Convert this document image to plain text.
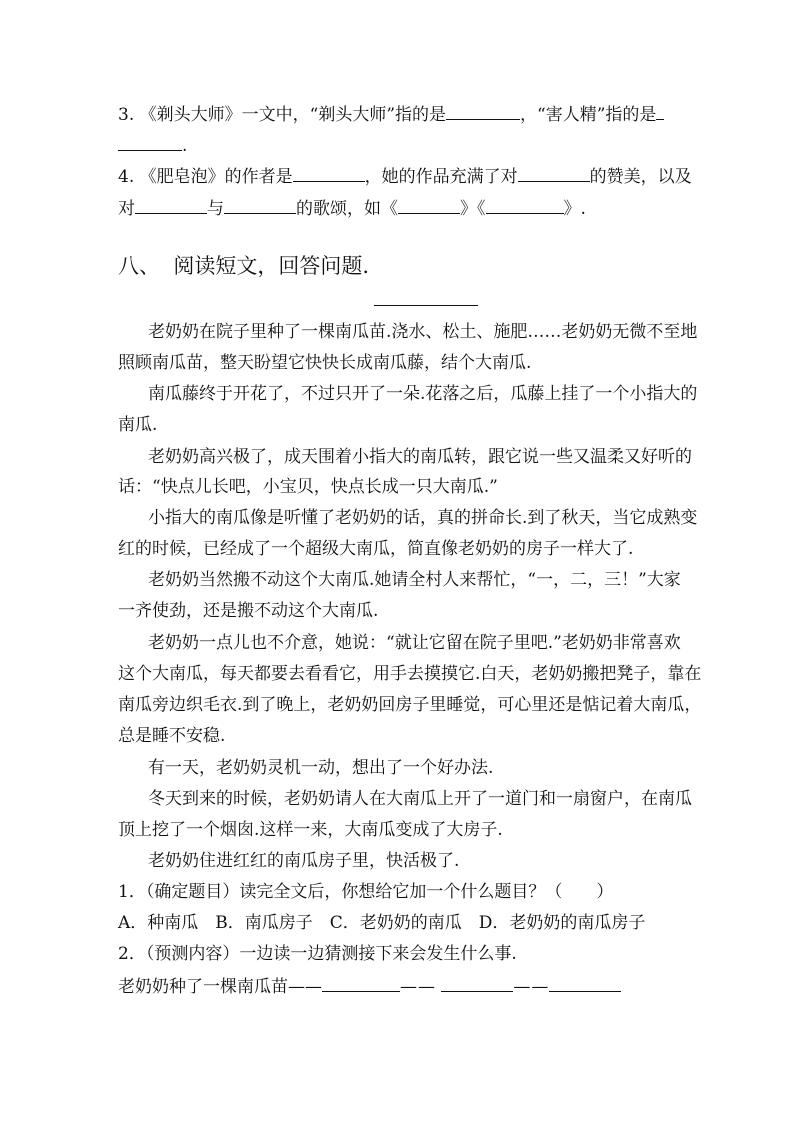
3. 《剃头大师》一文中，“剃头大师”指的是	，“害人精”指的是
.
4. 《肥皂泡》的作者是	，她的作品充满了对	的赞美，以及
对	与	的歌颂，如《	》《	》.
八、 阅读短文，回答问题.
老奶奶在院子里种了一棵南瓜苗.浇水、松土、施肥……老奶奶无微不至地
照顾南瓜苗，整天盼望它快快长成南瓜藤，结个大南瓜.
南瓜藤终于开花了，不过只开了一朵.花落之后，瓜藤上挂了一个小指大的
南瓜.
老奶奶高兴极了，成天围着小指大的南瓜转，跟它说一些又温柔又好听的
话：“快点儿长吧，小宝贝，快点长成一只大南瓜.”
小指大的南瓜像是听懂了老奶奶的话，真的拼命长.到了秋天，当它成熟变
红的时候，已经成了一个超级大南瓜，简直像老奶奶的房子一样大了.
老奶奶当然搬不动这个大南瓜.她请全村人来帮忙，“一，二，三！”大家
一齐使劲，还是搬不动这个大南瓜.
老奶奶一点儿也不介意，她说：“就让它留在院子里吧.”老奶奶非常喜欢
这个大南瓜，每天都要去看看它，用手去摸摸它.白天，老奶奶搬把凳子，靠在
南瓜旁边织毛衣.到了晚上，老奶奶回房子里睡觉，可心里还是惦记着大南瓜，
总是睡不安稳.
有一天，老奶奶灵机一动，想出了一个好办法.
冬天到来的时候，老奶奶请人在大南瓜上开了一道门和一扇窗户，在南瓜
顶上挖了一个烟囱.这样一来，大南瓜变成了大房子.
老奶奶住进红红的南瓜房子里，快活极了.
1．（确定题目）读完全文后，你想给它加一个什么题目？（　　）
A．种南瓜　B．南瓜房子　C．老奶奶的南瓜　D．老奶奶的南瓜房子
2．（预测内容）一边读一边猜测接下来会发生什么事.
老奶奶种了一棵南瓜苗——	——	——
